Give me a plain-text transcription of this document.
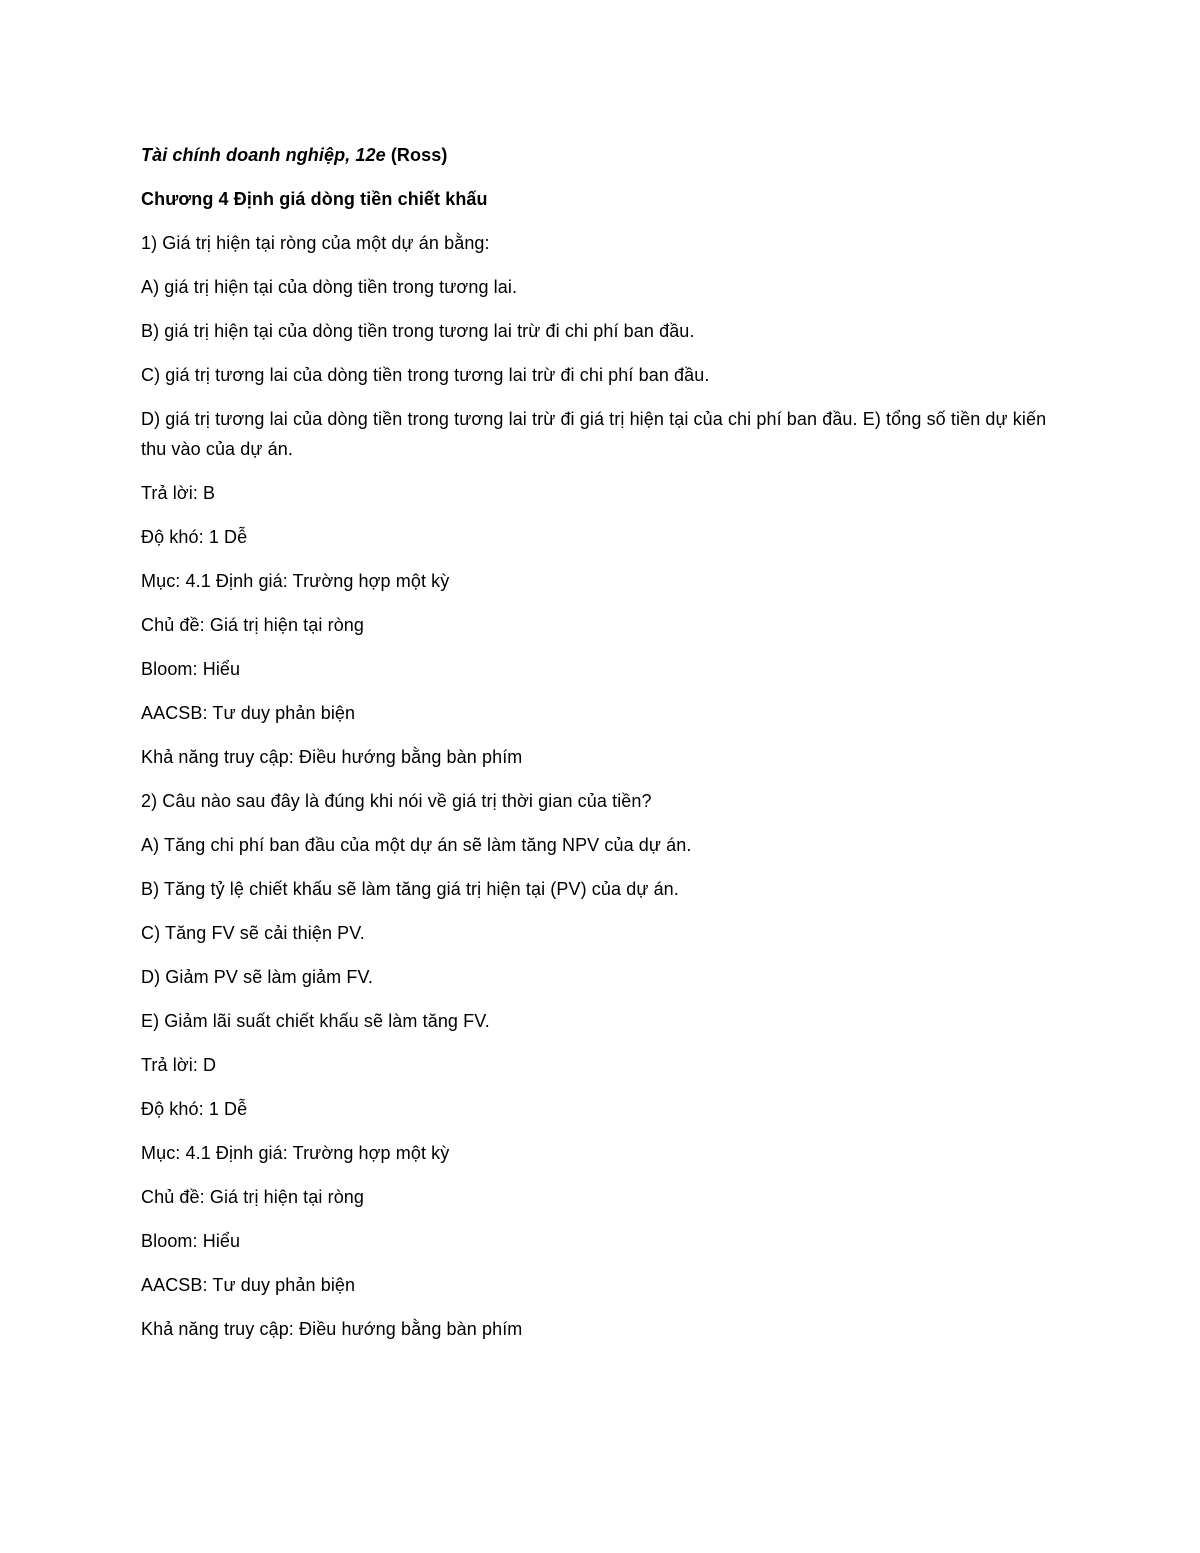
Tài chính doanh nghiệp, 12e (Ross)
Chương 4 Định giá dòng tiền chiết khấu
1) Giá trị hiện tại ròng của một dự án bằng:
A) giá trị hiện tại của dòng tiền trong tương lai.
B) giá trị hiện tại của dòng tiền trong tương lai trừ đi chi phí ban đầu.
C) giá trị tương lai của dòng tiền trong tương lai trừ đi chi phí ban đầu.
D) giá trị tương lai của dòng tiền trong tương lai trừ đi giá trị hiện tại của chi phí ban đầu. E) tổng số tiền dự kiến thu vào của dự án.
Trả lời: B
Độ khó: 1 Dễ
Mục: 4.1 Định giá: Trường hợp một kỳ
Chủ đề: Giá trị hiện tại ròng
Bloom: Hiểu
AACSB: Tư duy phản biện
Khả năng truy cập: Điều hướng bằng bàn phím
2) Câu nào sau đây là đúng khi nói về giá trị thời gian của tiền?
A) Tăng chi phí ban đầu của một dự án sẽ làm tăng NPV của dự án.
B) Tăng tỷ lệ chiết khấu sẽ làm tăng giá trị hiện tại (PV) của dự án.
C) Tăng FV sẽ cải thiện PV.
D) Giảm PV sẽ làm giảm FV.
E) Giảm lãi suất chiết khấu sẽ làm tăng FV.
Trả lời: D
Độ khó: 1 Dễ
Mục: 4.1 Định giá: Trường hợp một kỳ
Chủ đề: Giá trị hiện tại ròng
Bloom: Hiểu
AACSB: Tư duy phản biện
Khả năng truy cập: Điều hướng bằng bàn phím
